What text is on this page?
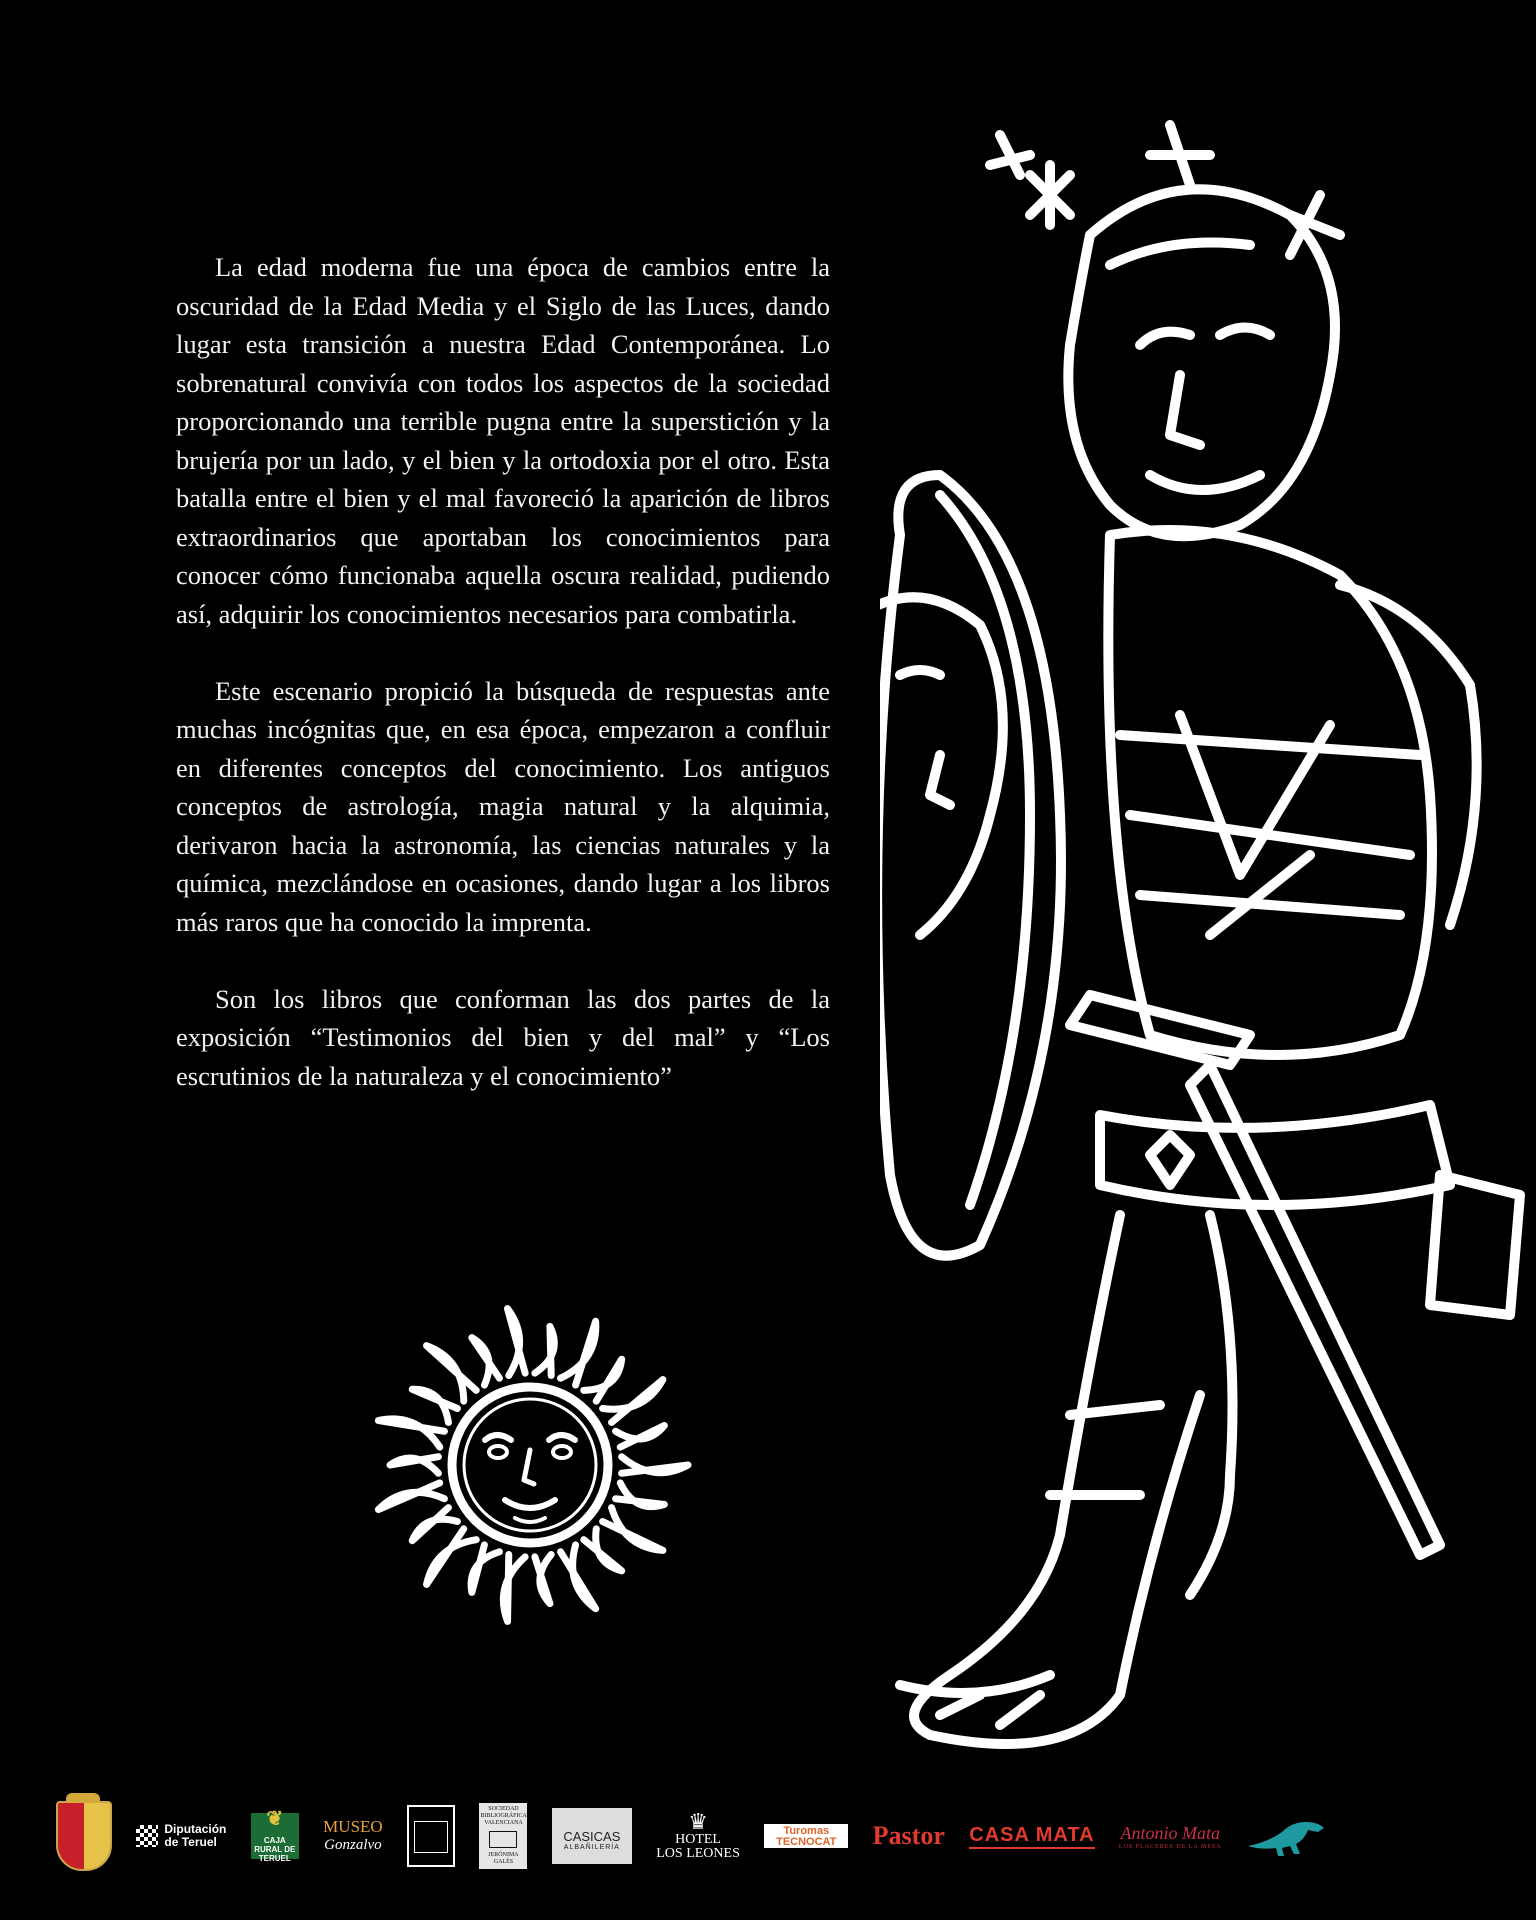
La edad moderna fue una época de cambios entre la oscuridad de la Edad Media y el Siglo de las Luces, dando lugar esta transición a nuestra Edad Contemporánea. Lo sobrenatural convivía con todos los aspectos de la sociedad proporcionando una terrible pugna entre la superstición y la brujería por un lado, y el bien y la ortodoxia por el otro. Esta batalla entre el bien y el mal favoreció la aparición de libros extraordinarios que aportaban los conocimientos para conocer cómo funcionaba aquella oscura realidad, pudiendo así, adquirir los conocimientos necesarios para combatirla.

Este escenario propició la búsqueda de respuestas ante muchas incógnitas que, en esa época, empezaron a confluir en diferentes conceptos del conocimiento. Los antiguos conceptos de astrología, magia natural y la alquimia, derivaron hacia la astronomía, las ciencias naturales y la química, mezclándose en ocasiones, dando lugar a los libros más raros que ha conocido la imprenta.

Son los libros que conforman las dos partes de la exposición “Testimonios del bien y del mal” y “Los escrutinios de la naturaleza y el conocimiento”

Diputación
de Teruel
❦	CAJA RURAL DE TERUEL
MUSEO
Gonzalvo
SOCIEDAD BIBLIOGRÁFICA VALENCIANA
JERÓNIMA GALÉS
CASICAS
ALBAÑILERÍA
♛ HOTEL
LOS LEONES
Turomas
TECNOCAT Pastor CASA MATA Antonio Mata
LOS PLACERES DE LA MESA
